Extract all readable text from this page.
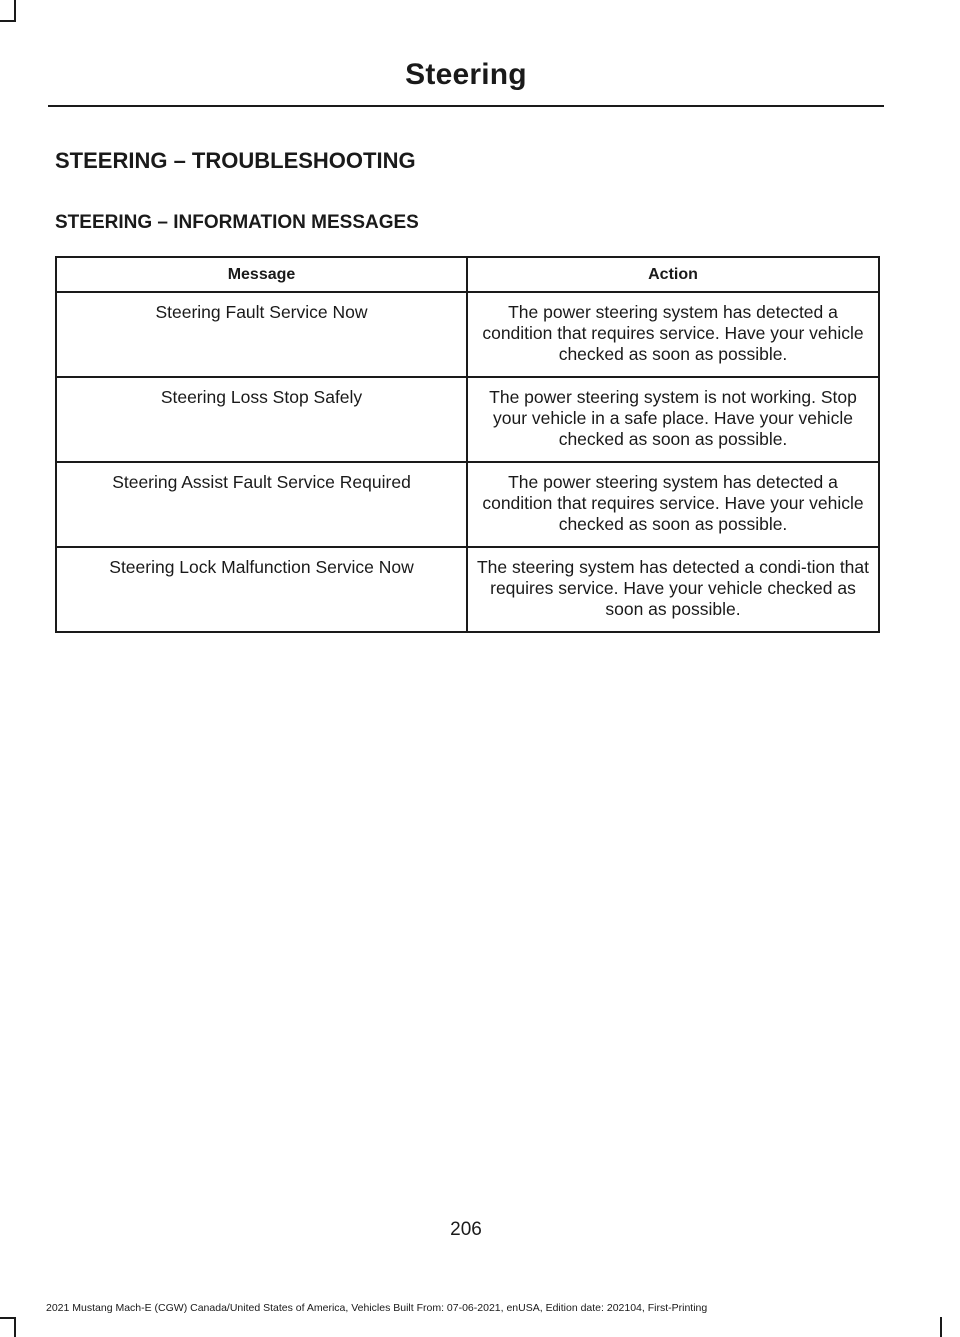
Steering
STEERING – TROUBLESHOOTING
STEERING – INFORMATION MESSAGES
Message	Action
Steering Fault Service Now	The power steering system has detected a condition that requires service. Have your vehicle checked as soon as possible.
Steering Loss Stop Safely	The power steering system is not working. Stop your vehicle in a safe place. Have your vehicle checked as soon as possible.
Steering Assist Fault Service Required	The power steering system has detected a condition that requires service. Have your vehicle checked as soon as possible.
Steering Lock Malfunction Service Now	The steering system has detected a condi-tion that requires service. Have your vehicle checked as soon as possible.
206
2021 Mustang Mach-E (CGW) Canada/United States of America, Vehicles Built From: 07-06-2021, enUSA, Edition date: 202104, First-Printing
